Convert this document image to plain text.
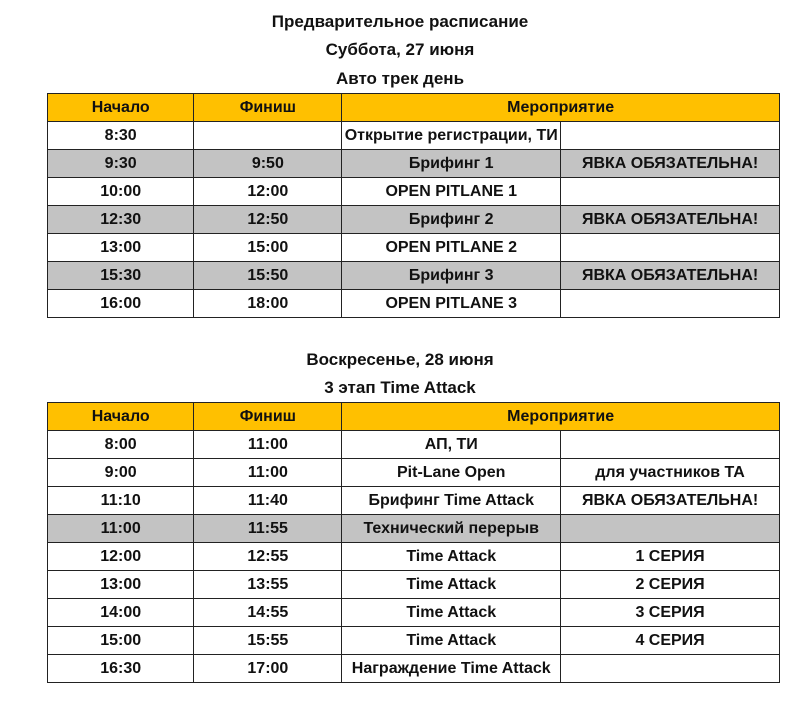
Предварительное расписание
Суббота, 27 июня
Авто трек день
Начало	Финиш	Мероприятие	
8:30		Открытие регистрации, ТИ	
9:30	9:50	Брифинг 1	ЯВКА ОБЯЗАТЕЛЬНА!
10:00	12:00	OPEN PITLANE 1	
12:30	12:50	Брифинг 2	ЯВКА ОБЯЗАТЕЛЬНА!
13:00	15:00	OPEN PITLANE 2	
15:30	15:50	Брифинг 3	ЯВКА ОБЯЗАТЕЛЬНА!
16:00	18:00	OPEN PITLANE 3	
Воскресенье, 28 июня
3 этап Time Attack
Начало	Финиш	Мероприятие	
8:00	11:00	АП, ТИ	
9:00	11:00	Pit-Lane Open	для участников ТА
11:10	11:40	Брифинг Time Attack	ЯВКА ОБЯЗАТЕЛЬНА!
11:00	11:55	Технический перерыв	
12:00	12:55	Time Attack	1 СЕРИЯ
13:00	13:55	Time Attack	2 СЕРИЯ
14:00	14:55	Time Attack	3 СЕРИЯ
15:00	15:55	Time Attack	4 СЕРИЯ
16:30	17:00	Награждение Time Attack	
